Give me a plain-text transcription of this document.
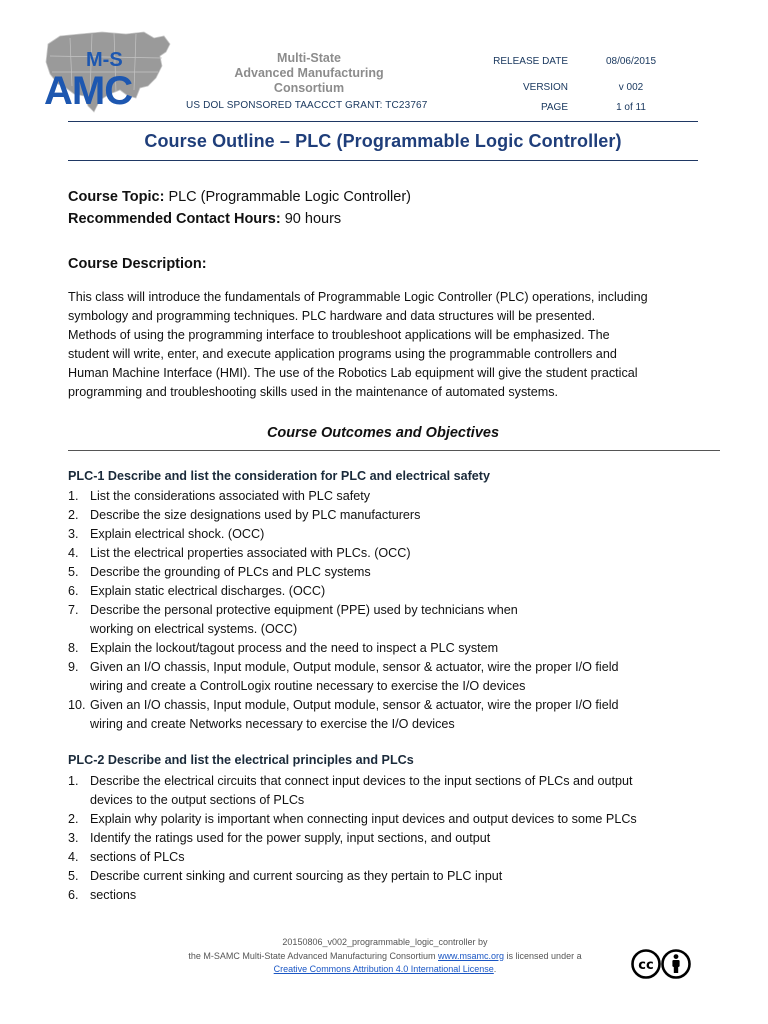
M-S
AMC
Multi-State
Advanced Manufacturing
Consortium
US DOL SPONSORED TAACCCT GRANT: TC23767
RELEASE DATE	08/06/2015
VERSION	v 002
PAGE	1 of 11
Course Outline – PLC (Programmable Logic Controller)
Course Topic: PLC (Programmable Logic Controller)
Recommended Contact Hours: 90 hours
Course Description:
This class will introduce the fundamentals of Programmable Logic Controller (PLC) operations, including
symbology and programming techniques. PLC hardware and data structures will be presented.
Methods of using the programming interface to troubleshoot applications will be emphasized. The
student will write, enter, and execute application programs using the programmable controllers and
Human Machine Interface (HMI). The use of the Robotics Lab equipment will give the student practical
programming and troubleshooting skills used in the maintenance of automated systems.
Course Outcomes and Objectives
PLC-1 Describe and list the consideration for PLC and electrical safety
1. List the considerations associated with PLC safety
2. Describe the size designations used by PLC manufacturers
3. Explain electrical shock. (OCC)
4. List the electrical properties associated with PLCs. (OCC)
5. Describe the grounding of PLCs and PLC systems
6. Explain static electrical discharges. (OCC)
7. Describe the personal protective equipment (PPE) used by technicians when
working on electrical systems. (OCC)
8. Explain the lockout/tagout process and the need to inspect a PLC system
9. Given an I/O chassis, Input module, Output module, sensor & actuator, wire the proper I/O field
wiring and create a ControlLogix routine necessary to exercise the I/O devices
10. Given an I/O chassis, Input module, Output module, sensor & actuator, wire the proper I/O field
wiring and create Networks necessary to exercise the I/O devices
PLC-2 Describe and list the electrical principles and PLCs
1. Describe the electrical circuits that connect input devices to the input sections of PLCs and output
devices to the output sections of PLCs
2. Explain why polarity is important when connecting input devices and output devices to some PLCs
3. Identify the ratings used for the power supply, input sections, and output
4. sections of PLCs
5. Describe current sinking and current sourcing as they pertain to PLC input
6. sections
20150806_v002_programmable_logic_controller by
the M-SAMC Multi-State Advanced Manufacturing Consortium www.msamc.org is licensed under a
Creative Commons Attribution 4.0 International License.	cc
